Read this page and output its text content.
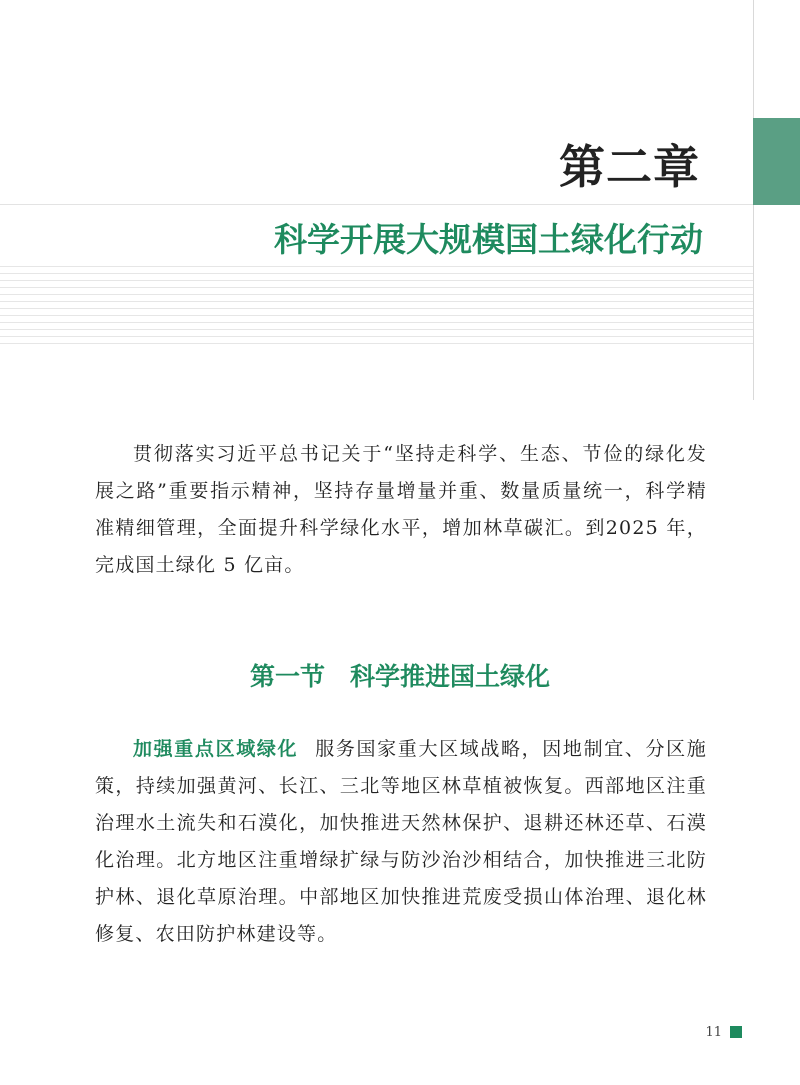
第二章
科学开展大规模国土绿化行动

贯彻落实习近平总书记关于“坚持走科学、生态、节俭的绿化发展之路”重要指示精神，坚持存量增量并重、数量质量统一，科学精准精细管理，全面提升科学绿化水平，增加林草碳汇。到2025 年，完成国土绿化 5 亿亩。

第一节　科学推进国土绿化

加强重点区域绿化 服务国家重大区域战略，因地制宜、分区施策，持续加强黄河、长江、三北等地区林草植被恢复。西部地区注重治理水土流失和石漠化，加快推进天然林保护、退耕还林还草、石漠化治理。北方地区注重增绿扩绿与防沙治沙相结合，加快推进三北防护林、退化草原治理。中部地区加快推进荒废受损山体治理、退化林修复、农田防护林建设等。

11
